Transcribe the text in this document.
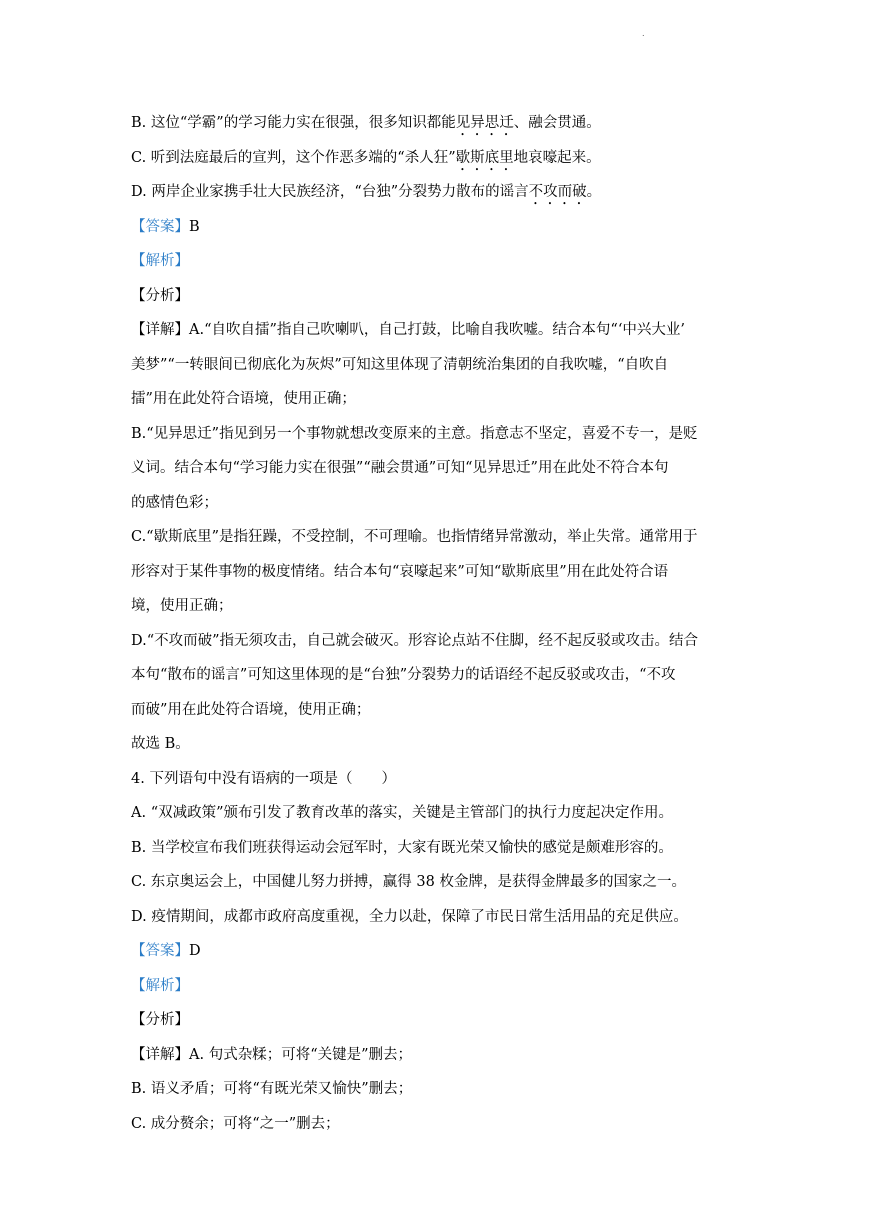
.
B. 这位“学霸”的学习能力实在很强，很多知识都能见异思迁、融会贯通。
C. 听到法庭最后的宣判，这个作恶多端的“杀人狂”歇斯底里地哀嚎起来。
D. 两岸企业家携手壮大民族经济，“台独”分裂势力散布的谣言不攻而破。
【答案】B
【解析】
【分析】
【详解】A.“自吹自擂”指自己吹喇叭，自己打鼓，比喻自我吹嘘。结合本句“‘中兴大业’
美梦”“一转眼间已彻底化为灰烬”可知这里体现了清朝统治集团的自我吹嘘，“自吹自
擂”用在此处符合语境，使用正确；
B.“见异思迁”指见到另一个事物就想改变原来的主意。指意志不坚定，喜爱不专一，是贬
义词。结合本句“学习能力实在很强”“融会贯通”可知“见异思迁”用在此处不符合本句
的感情色彩；
C.“歇斯底里”是指狂躁，不受控制，不可理喻。也指情绪异常激动，举止失常。通常用于
形容对于某件事物的极度情绪。结合本句“哀嚎起来”可知“歇斯底里”用在此处符合语
境，使用正确；
D.“不攻而破”指无须攻击，自己就会破灭。形容论点站不住脚，经不起反驳或攻击。结合
本句“散布的谣言”可知这里体现的是“台独”分裂势力的话语经不起反驳或攻击，“不攻
而破”用在此处符合语境，使用正确；
故选 B。
4. 下列语句中没有语病的一项是（　　）
A. “双减政策”颁布引发了教育改革的落实，关键是主管部门的执行力度起决定作用。
B. 当学校宣布我们班获得运动会冠军时，大家有既光荣又愉快的感觉是颇难形容的。
C. 东京奥运会上，中国健儿努力拼搏，赢得 38 枚金牌，是获得金牌最多的国家之一。
D. 疫情期间，成都市政府高度重视，全力以赴，保障了市民日常生活用品的充足供应。
【答案】D
【解析】
【分析】
【详解】A. 句式杂糅；可将“关键是”删去；
B. 语义矛盾；可将“有既光荣又愉快”删去；
C. 成分赘余；可将“之一”删去；
